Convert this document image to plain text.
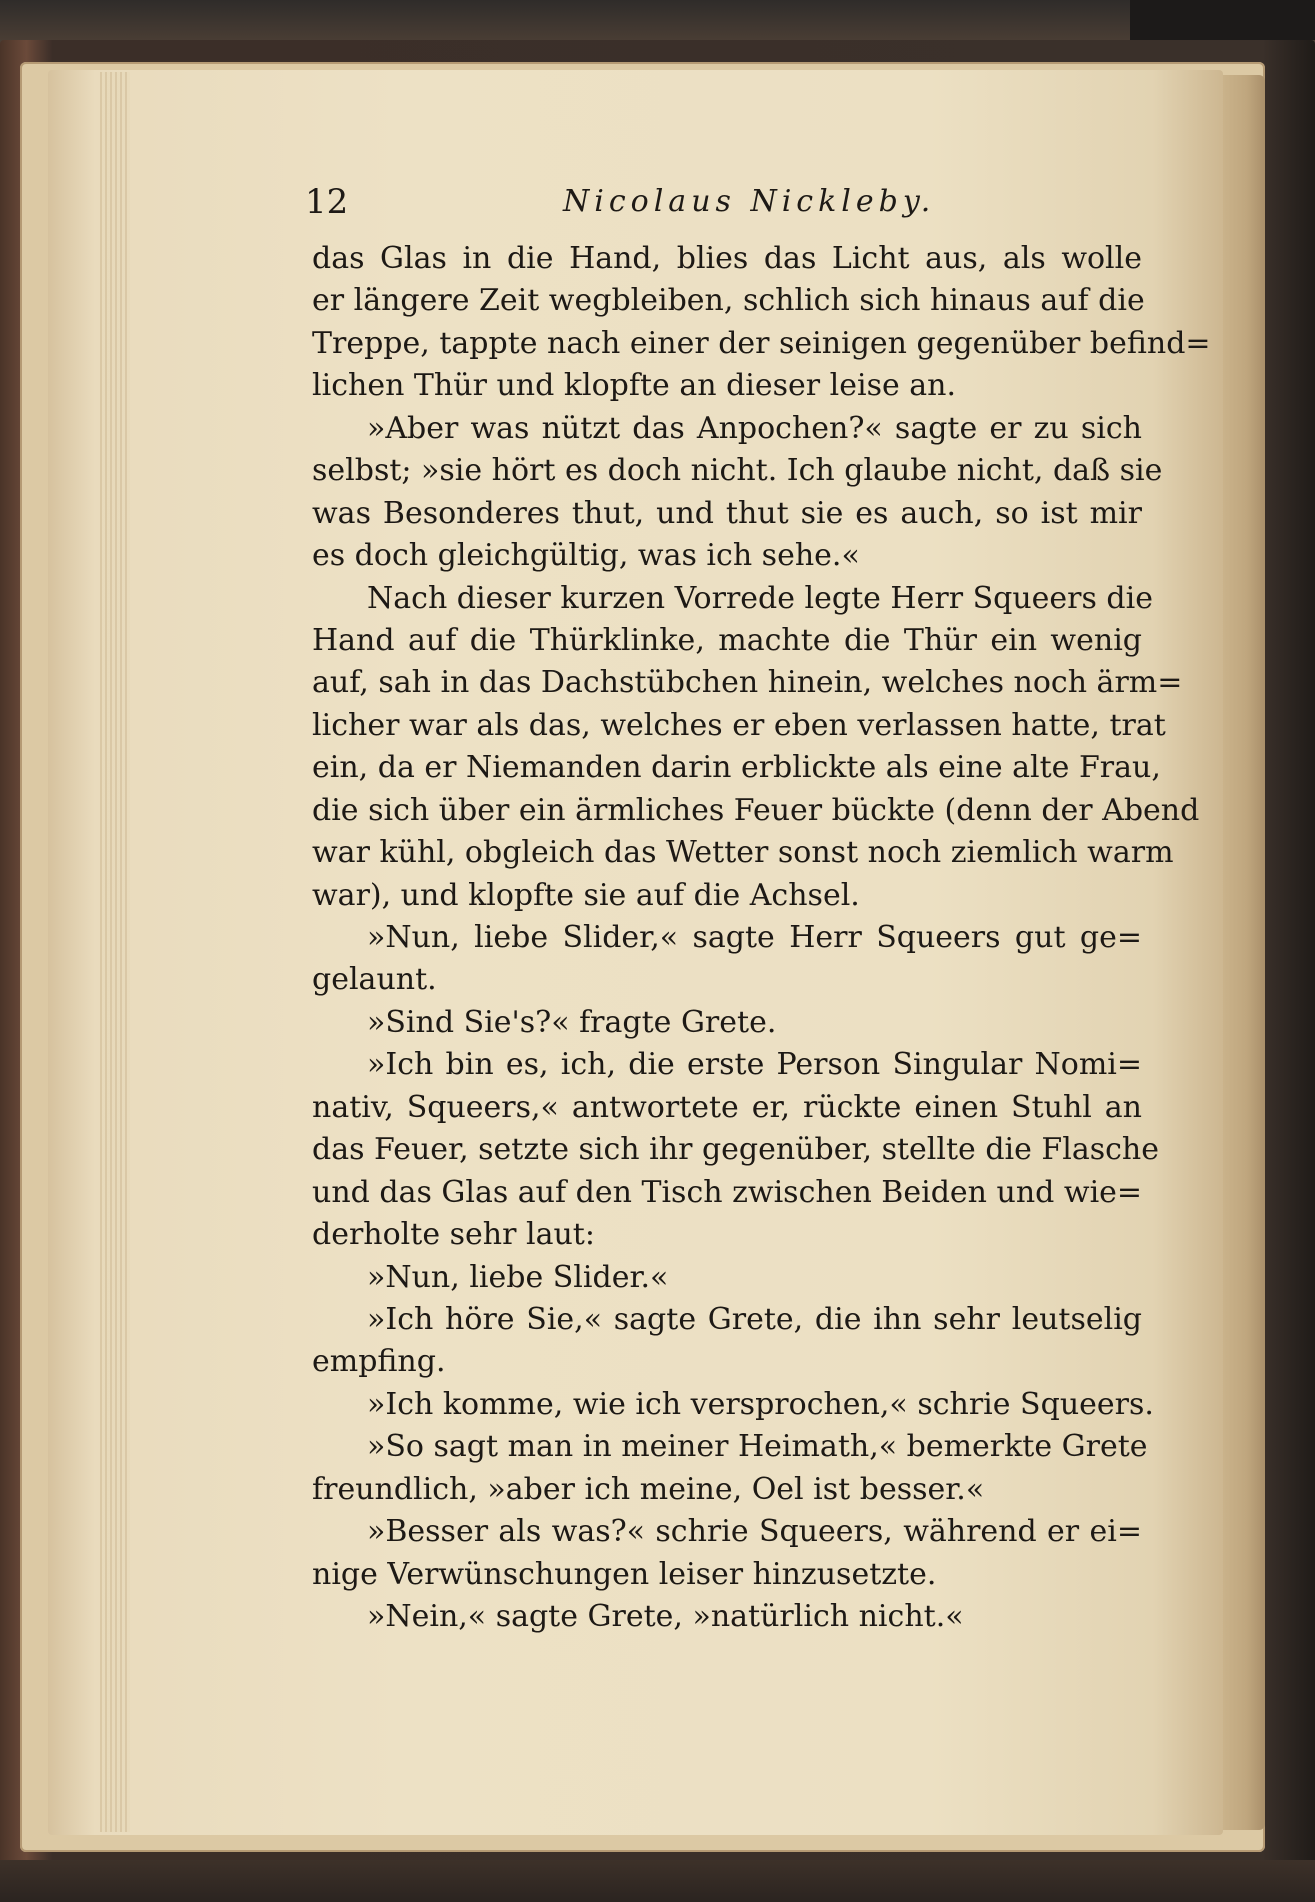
12	Nicolaus Nickleby.
das Glas in die Hand, blies das Licht aus, als wolle
er längere Zeit wegbleiben, schlich sich hinaus auf die
Treppe, tappte nach einer der seinigen gegenüber befind=
lichen Thür und klopfte an dieser leise an.
»Aber was nützt das Anpochen?« sagte er zu sich
selbst; »sie hört es doch nicht. Ich glaube nicht, daß sie
was Besonderes thut, und thut sie es auch, so ist mir
es doch gleichgültig, was ich sehe.«
Nach dieser kurzen Vorrede legte Herr Squeers die
Hand auf die Thürklinke, machte die Thür ein wenig
auf, sah in das Dachstübchen hinein, welches noch ärm=
licher war als das, welches er eben verlassen hatte, trat
ein, da er Niemanden darin erblickte als eine alte Frau,
die sich über ein ärmliches Feuer bückte (denn der Abend
war kühl, obgleich das Wetter sonst noch ziemlich warm
war), und klopfte sie auf die Achsel.
»Nun, liebe Slider,« sagte Herr Squeers gut ge=
gelaunt.
»Sind Sie's?« fragte Grete.
»Ich bin es, ich, die erste Person Singular Nomi=
nativ, Squeers,« antwortete er, rückte einen Stuhl an
das Feuer, setzte sich ihr gegenüber, stellte die Flasche
und das Glas auf den Tisch zwischen Beiden und wie=
derholte sehr laut:
»Nun, liebe Slider.«
»Ich höre Sie,« sagte Grete, die ihn sehr leutselig
empfing.
»Ich komme, wie ich versprochen,« schrie Squeers.
»So sagt man in meiner Heimath,« bemerkte Grete
freundlich, »aber ich meine, Oel ist besser.«
»Besser als was?« schrie Squeers, während er ei=
nige Verwünschungen leiser hinzusetzte.
»Nein,« sagte Grete, »natürlich nicht.«
